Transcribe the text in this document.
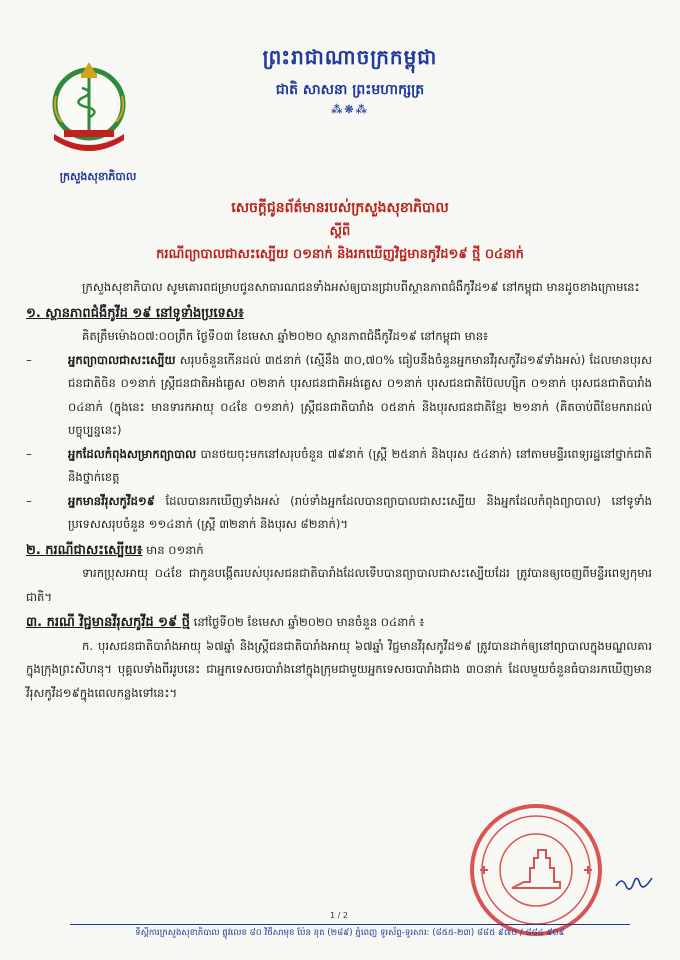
ក្រសួងសុខាភិបាល
ព្រះរាជាណាចក្រកម្ពុជា
ជាតិ សាសនា ព្រះមហាក្សត្រ
⁂❊⁂
សេចក្តីជូនព័ត៌មានរបស់ក្រសួងសុខាភិបាល
ស្តីពី
ករណីព្យាបាលជាសះស្បើយ ០១នាក់ និងរកឃើញវិជ្ជមានកូវីដ១៩ ថ្មី ០៤នាក់

ក្រសួងសុខាភិបាល សូមគោរពជម្រាបជូនសាធារណជនទាំងអស់ឲ្យបានជ្រាបពីស្ថានភាពជំងឺកូវីដ១៩ នៅកម្ពុជា មានដូចខាងក្រោមនេះ

១. ស្ថានភាពជំងឺកូវីដ ១៩ នៅទូទាំងប្រទេស៖

គិតត្រឹមម៉ោង០៧:០០ព្រឹក ថ្ងៃទី០៣ ខែមេសា ឆ្នាំ២០២០ ស្ថានភាពជំងឺកូវីដ១៩ នៅកម្ពុជា មាន៖

–	អ្នកព្យាបាលជាសះស្បើយ សរុបចំនួនកើនដល់ ៣៥នាក់ (ស្មើនឹង ៣០,៧០% ធៀបនឹងចំនួនអ្នកមានវីរុសកូវីដ១៩ទាំងអស់) ដែលមានបុរសជនជាតិចិន ០១នាក់ ស្ត្រីជនជាតិអង់គ្លេស ០២នាក់ បុរសជនជាតិអង់គ្លេស ០១នាក់ បុរសជនជាតិប៊ែលហ្ស៊ិក ០១នាក់ បុរសជនជាតិបារាំង ០៤នាក់ (ក្នុងនេះ មានទារកអាយុ ០៤ខែ ០១នាក់) ស្ត្រីជនជាតិបារាំង ០៥នាក់ និងបុរសជនជាតិខ្មែរ ២១នាក់ (គិតចាប់ពីខែមករាដល់បច្ចុប្បន្ននេះ)

–	អ្នកដែលកំពុងសម្រាកព្យាបាល បានថយចុះមកនៅសរុបចំនួន ៧៩នាក់ (ស្ត្រី ២៥នាក់ និងបុរស ៥៤នាក់) នៅតាមមន្ទីរពេទ្យរដ្ឋនៅថ្នាក់ជាតិ និងថ្នាក់ខេត្ត

–	អ្នកមានវីរុសកូវីដ១៩ ដែលបានរកឃើញទាំងអស់ (រាប់ទាំងអ្នកដែលបានព្យាបាលជាសះស្បើយ និងអ្នកដែលកំពុងព្យាបាល) នៅទូទាំងប្រទេសសរុបចំនួន ១១៤នាក់ (ស្ត្រី ៣២នាក់ និងបុរស ៨២នាក់)។

២. ករណីជាសះស្បើយ៖ មាន ០១នាក់

ទារកប្រុសអាយុ ០៤ខែ ជាកូនបង្កើតរបស់បុរសជនជាតិបារាំងដែលទើបបានព្យាបាលជាសះស្បើយដែរ ត្រូវបានឲ្យចេញពីមន្ទីរពេទ្យកុមារជាតិ។

៣. ករណី វិជ្ជមានវីរុសកូវីដ ១៩ ថ្មី នៅថ្ងៃទី០២ ខែមេសា ឆ្នាំ២០២០ មានចំនួន ០៤នាក់ ៖

ក. បុរសជនជាតិបារាំងអាយុ ៦៧ឆ្នាំ និងស្ត្រីជនជាតិបារាំងអាយុ ៦៧ឆ្នាំ វិជ្ជមានវីរុសកូវីដ១៩ ត្រូវបានដាក់ឲ្យនៅព្យាបាលក្នុងមណ្ឌលគារក្នុងក្រុងព្រះសីហនុ។ បុគ្គលទាំងពីររូបនេះ ជាអ្នកទេសចរបារាំងនៅក្នុងក្រុមជាមួយអ្នកទេសចរបារាំងជាង ៣០នាក់ ដែលមួយចំនួនធំបានរកឃើញមានវីរុសកូវីដ១៩ក្នុងពេលកន្លងទៅនេះ។

1 / 2
ទីស្តីការក្រសួងសុខាភិបាល ផ្លូវលេខ ៨០ វិថីសាមុខ ប៉ែន នុត (២៨៩) ភ្នំពេញ ទូរស័ព្ទ-ទូរសារ: (៨៥៥-២៣) ៨៨៥ ៩៧០ / ៨៨៤ ៩០៩
